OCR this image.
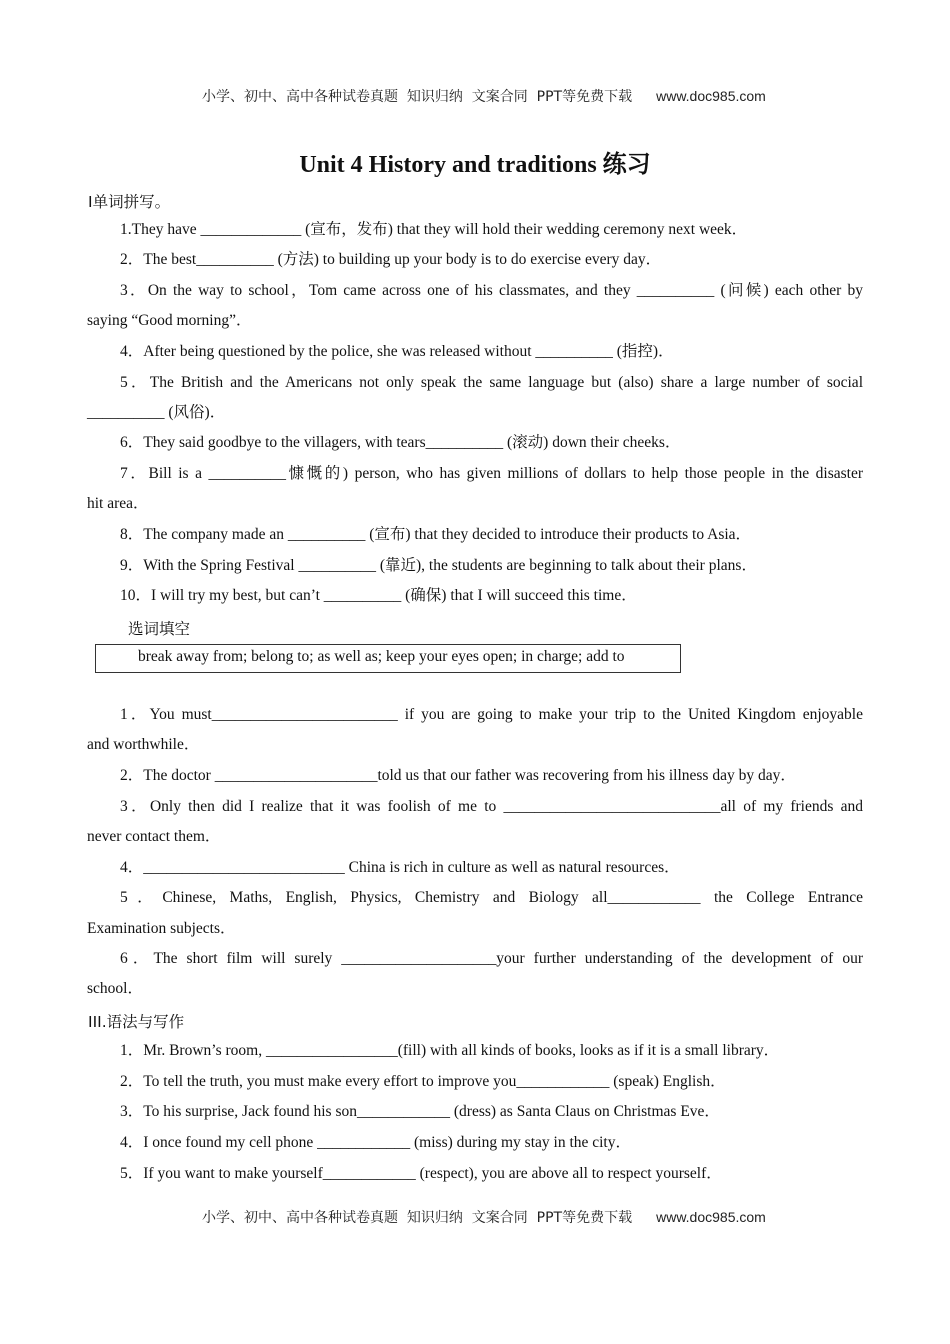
小学、初中、高中各种试卷真题  知识归纳  文案合同  PPT等免费下载 www.doc985.com

Unit 4 History and traditions 练习
Ⅰ单词拼写。
1.They have _____________ (宣布，发布) that they will hold their wedding ceremony next week．
2．The best__________ (方法) to building up your body is to do exercise every day．
3．On the way to school，Tom came across one of his classmates, and they __________ (问候) each other by
saying “Good morning”．
4．After being questioned by the police, she was released without __________ (指控)．
5．The British and the Americans not only speak the same language but (also) share a large number of social
__________ (风俗)．
6．They said goodbye to the villagers, with tears__________ (滚动) down their cheeks．
7．Bill is a __________慷慨的) person, who has given millions of dollars to help those people in the disaster
hit area．
8．The company made an __________ (宣布) that they decided to introduce their products to Asia．
9．With the Spring Festival __________ (靠近), the students are beginning to talk about their plans．
10．I will try my best, but can’t __________ (确保) that I will succeed this time．
选词填空
break away from; belong to; as well as; keep your eyes open; in charge; add to
1．You must________________________ if you are going to make your trip to the United Kingdom enjoyable
and worthwhile．
2．The doctor _____________________told us that our father was recovering from his illness day by day．
3．Only then did I realize that it was foolish of me to ____________________________all of my friends and
never contact them．
4．__________________________ China is rich in culture as well as natural resources．
5．Chinese, Maths, English, Physics, Chemistry and Biology all____________ the College Entrance
Examination subjects．
6．The short film will surely ____________________your further understanding of the development of our
school．
III.语法与写作
1．Mr. Brown’s room, _________________(fill) with all kinds of books, looks as if it is a small library．
2．To tell the truth, you must make every effort to improve you____________ (speak) English．
3．To his surprise, Jack found his son____________ (dress) as Santa Claus on Christmas Eve．
4．I once found my cell phone ____________ (miss) during my stay in the city．
5．If you want to make yourself____________ (respect), you are above all to respect yourself．

小学、初中、高中各种试卷真题  知识归纳  文案合同  PPT等免费下载 www.doc985.com
